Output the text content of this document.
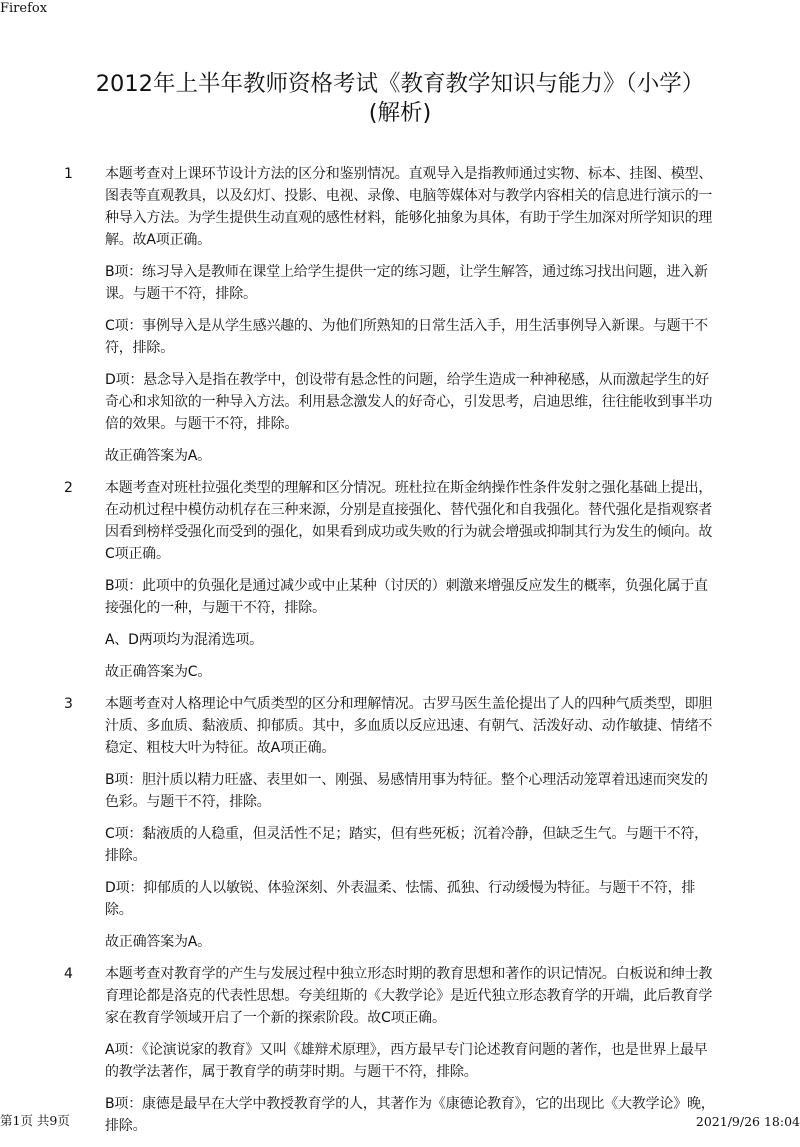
Firefox
2012年上半年教师资格考试《教育教学知识与能力》（小学）
(解析)
1 本题考查对上课环节设计方法的区分和鉴别情况。直观导入是指教师通过实物、标本、挂图、模型、图表等直观教具，以及幻灯、投影、电视、录像、电脑等媒体对与教学内容相关的信息进行演示的一种导入方法。为学生提供生动直观的感性材料，能够化抽象为具体，有助于学生加深对所学知识的理解。故A项正确。

B项：练习导入是教师在课堂上给学生提供一定的练习题，让学生解答，通过练习找出问题，进入新课。与题干不符，排除。

C项：事例导入是从学生感兴趣的、为他们所熟知的日常生活入手，用生活事例导入新课。与题干不符，排除。

D项：悬念导入是指在教学中，创设带有悬念性的问题，给学生造成一种神秘感，从而激起学生的好奇心和求知欲的一种导入方法。利用悬念激发人的好奇心，引发思考，启迪思维，往往能收到事半功倍的效果。与题干不符，排除。

故正确答案为A。

2 本题考查对班杜拉强化类型的理解和区分情况。班杜拉在斯金纳操作性条件发射之强化基础上提出，在动机过程中模仿动机存在三种来源，分别是直接强化、替代强化和自我强化。替代强化是指观察者因看到榜样受强化而受到的强化，如果看到成功或失败的行为就会增强或抑制其行为发生的倾向。故C项正确。

B项：此项中的负强化是通过减少或中止某种（讨厌的）刺激来增强反应发生的概率，负强化属于直接强化的一种，与题干不符，排除。

A、D两项均为混淆选项。

故正确答案为C。

3 本题考查对人格理论中气质类型的区分和理解情况。古罗马医生盖伦提出了人的四种气质类型，即胆汁质、多血质、黏液质、抑郁质。其中，多血质以反应迅速、有朝气、活泼好动、动作敏捷、情绪不稳定、粗枝大叶为特征。故A项正确。

B项：胆汁质以精力旺盛、表里如一、刚强、易感情用事为特征。整个心理活动笼罩着迅速而突发的色彩。与题干不符，排除。

C项：黏液质的人稳重，但灵活性不足；踏实，但有些死板；沉着冷静，但缺乏生气。与题干不符，排除。

D项：抑郁质的人以敏锐、体验深刻、外表温柔、怯懦、孤独、行动缓慢为特征。与题干不符，排除。

故正确答案为A。

4 本题考查对教育学的产生与发展过程中独立形态时期的教育思想和著作的识记情况。白板说和绅士教育理论都是洛克的代表性思想。夸美纽斯的《大教学论》是近代独立形态教育学的开端，此后教育学家在教育学领域开启了一个新的探索阶段。故C项正确。

A项：《论演说家的教育》又叫《雄辩术原理》，西方最早专门论述教育问题的著作，也是世界上最早的教学法著作，属于教育学的萌芽时期。与题干不符，排除。

B项：康德是最早在大学中教授教育学的人，其著作为《康德论教育》，它的出现比《大教学论》晚，排除。

第1页 共9页	2021/9/26 18:04
